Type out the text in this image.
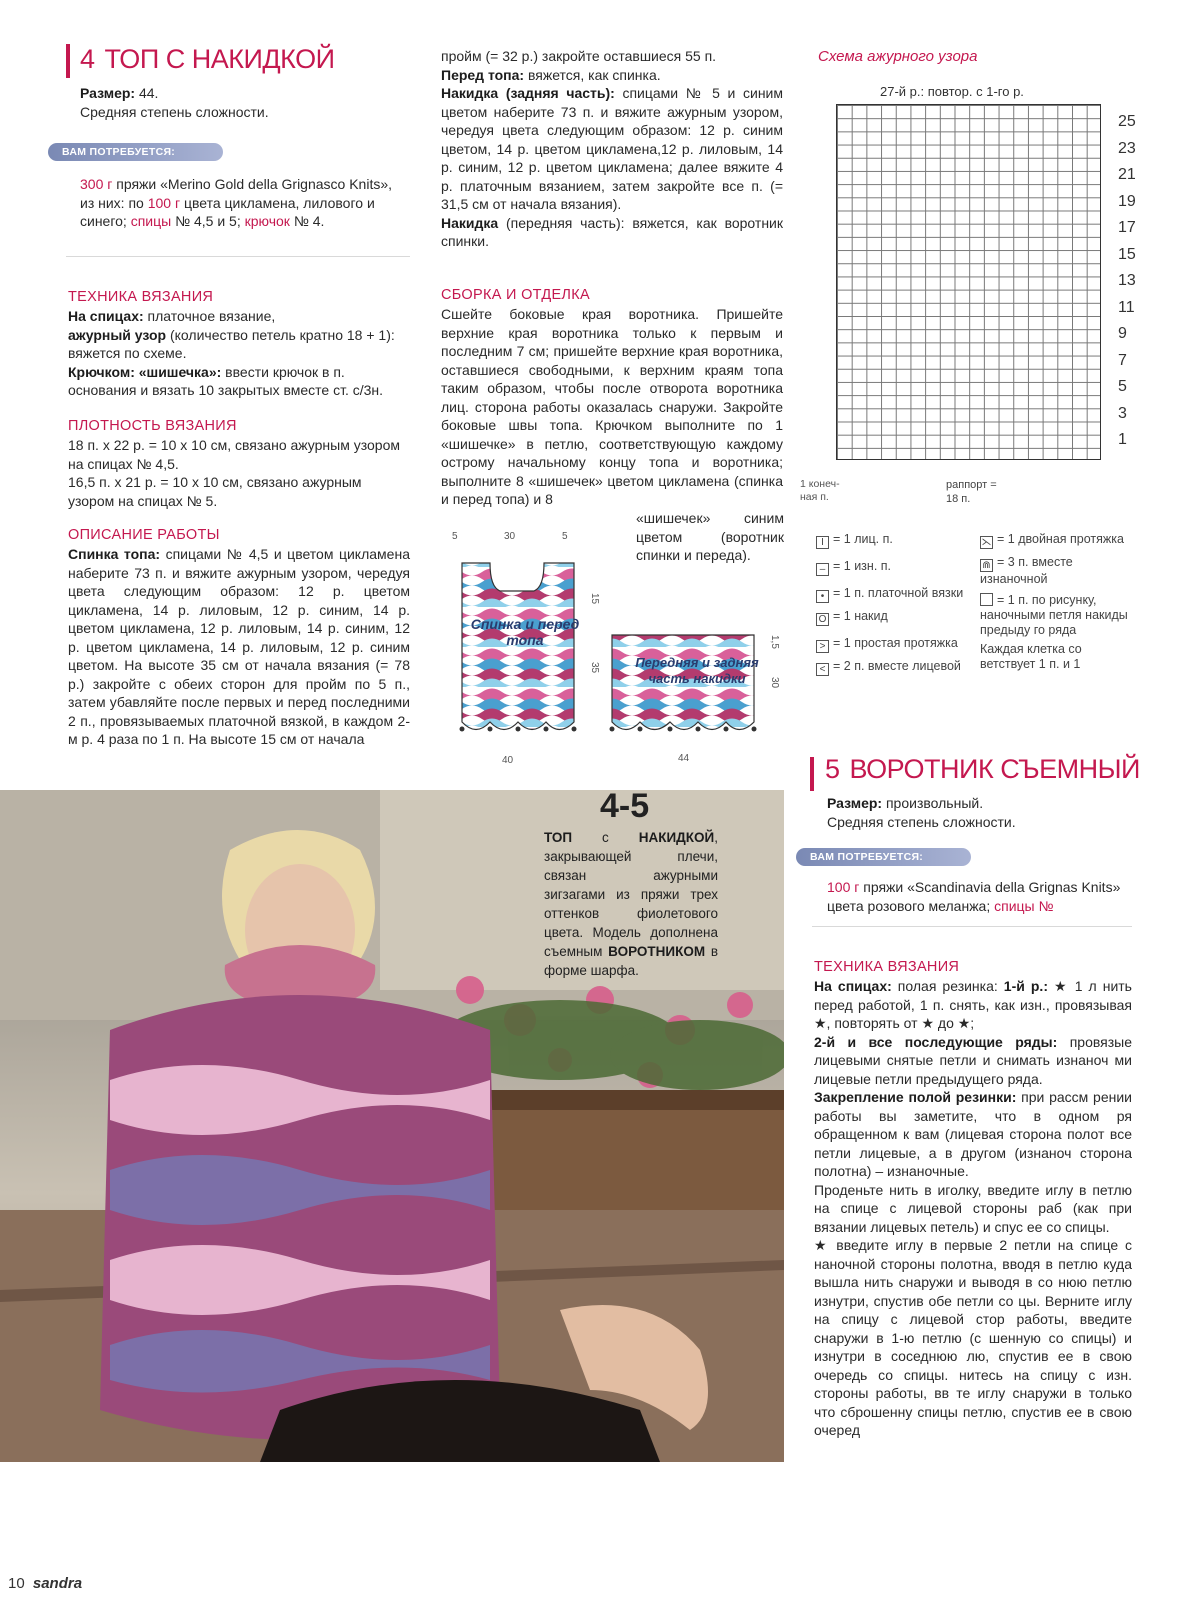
4 ТОП С НАКИДКОЙ

Размер: 44.

Средняя степень сложности.

ВАМ ПОТРЕБУЕТСЯ:
300 г пряжи «Merino Gold della Grignasco Knits», из них: по 100 г цвета цикламена, лилового и синего; спицы № 4,5 и 5; крючок № 4.
ТЕХНИКА ВЯЗАНИЯ

На спицах: платочное вязание,

ажурный узор (количество петель кратно 18 + 1): вяжется по схеме.

Крючком: «шишечка»: ввести крючок в п. основания и вязать 10 закрытых вместе ст. с/3н.

ПЛОТНОСТЬ ВЯЗАНИЯ

18 п. х 22 р. = 10 х 10 см, связано ажурным узором на спицах № 4,5.

16,5 п. х 21 р. = 10 х 10 см, связано ажурным узором на спицах № 5.

ОПИСАНИЕ РАБОТЫ
Спинка топа: спицами № 4,5 и цветом цикламена наберите 73 п. и вяжите ажурным узором, чередуя цвета следующим образом: 12 р. цветом цикламена, 14 р. лиловым, 12 р. синим, 14 р. цветом цикламена, 12 р. лиловым, 14 р. синим, 12 р. цветом цикламена, 14 р. лиловым, 12 р. синим цветом. На высоте 35 см от начала вязания (= 78 р.) закройте с обеих сторон для пройм по 5 п., затем убавляйте после первых и перед последними 2 п., провязываемых платочной вязкой, в каждом 2-м р. 4 раза по 1 п. На высоте 15 см от начала

пройм (= 32 р.) закройте оставшиеся 55 п.

Перед топа: вяжется, как спинка.

Накидка (задняя часть): спицами № 5 и синим цветом наберите 73 п. и вяжите ажурным узором, чередуя цвета следующим образом: 12 р. синим цветом, 14 р. цветом цикламена,12 р. лиловым, 14 р. синим, 12 р. цветом цикламена; далее вяжите 4 р. платочным вязанием, затем закройте все п. (= 31,5 см от начала вязания).

Накидка (передняя часть): вяжется, как воротник спинки.

СБОРКА И ОТДЕЛКА
Сшейте боковые края воротника. Пришейте верхние края воротника только к первым и последним 7 см; пришейте верхние края воротника, оставшиеся свободными, к верхним краям топа таким образом, чтобы после отворота воротника лиц. сторона работы оказалась снаружи. Закройте боковые швы топа. Крючком выполните по 1 «шишечке» в петлю, соответствующую каждому острому начальному концу топа и воротника; выполните 8 «шишечек» цветом цикламена (спинка и перед топа) и 8
«шишечек» синим цветом (воротник спинки и переда).
5	30	5
15
35
40
1,5
30
44
Спинка и перед топа
Передняя и задняя часть накидки
Схема ажурного узора
27-й р.: повтор. с 1-го р.
25
23
21
19
17
15
13
11
9
7
5
3
1
1 конеч- ная п.
раппорт = 18 п.

I = 1 лиц. п.

– = 1 изн. п.

• = 1 п. платочной вязки

O = 1 накид

> = 1 простая протяжка

< = 2 п. вместе лицевой

⋋ = 1 двойная протяжка

⋒ = 3 п. вместе изнаночной

= 1 п. по рисунку, наночными петля накиды предыду го ряда

Каждая клетка со ветствует 1 п. и 1

5 ВОРОТНИК СЪЕМНЫЙ

Размер: произвольный.

Средняя степень сложности.

ВАМ ПОТРЕБУЕТСЯ:
100 г пряжи «Scandinavia della Grignas Knits» цвета розового меланжа; спицы №
ТЕХНИКА ВЯЗАНИЯ

На спицах: полая резинка: 1-й р.: ★ 1 л нить перед работой, 1 п. снять, как изн., провязывая ★, повторять от ★ до ★;

2-й и все последующие ряды: провязые лицевыми снятые петли и снимать изнаноч ми лицевые петли предыдущего ряда.

Закрепление полой резинки: при рассм рении работы вы заметите, что в одном ря обращенном к вам (лицевая сторона полот все петли лицевые, а в другом (изнаноч сторона полотна) – изнаночные.

Проденьте нить в иголку, введите иглу в петлю на спице с лицевой стороны раб (как при вязании лицевых петель) и спус ее со спицы.

★ введите иглу в первые 2 петли на спице с наночной стороны полотна, вводя в петлю куда вышла нить снаружи и выводя в со нюю петлю изнутри, спустив обе петли со цы. Верните иглу на спицу с лицевой стор работы, введите снаружи в 1-ю петлю (с шенную со спицы) и изнутри в соседнюю лю, спустив ее в свою очередь со спицы. нитесь на спицу с изн. стороны работы, вв те иглу снаружи в только что сброшенну спицы петлю, спустив ее в свою очеред

4-5
ТОП с НАКИДКОЙ, закрывающей плечи, связан ажурными зигзагами из пряжи трех оттенков фиолетового цвета. Модель дополнена съемным ВОРОТНИКОМ в форме шарфа.
10 sandra
